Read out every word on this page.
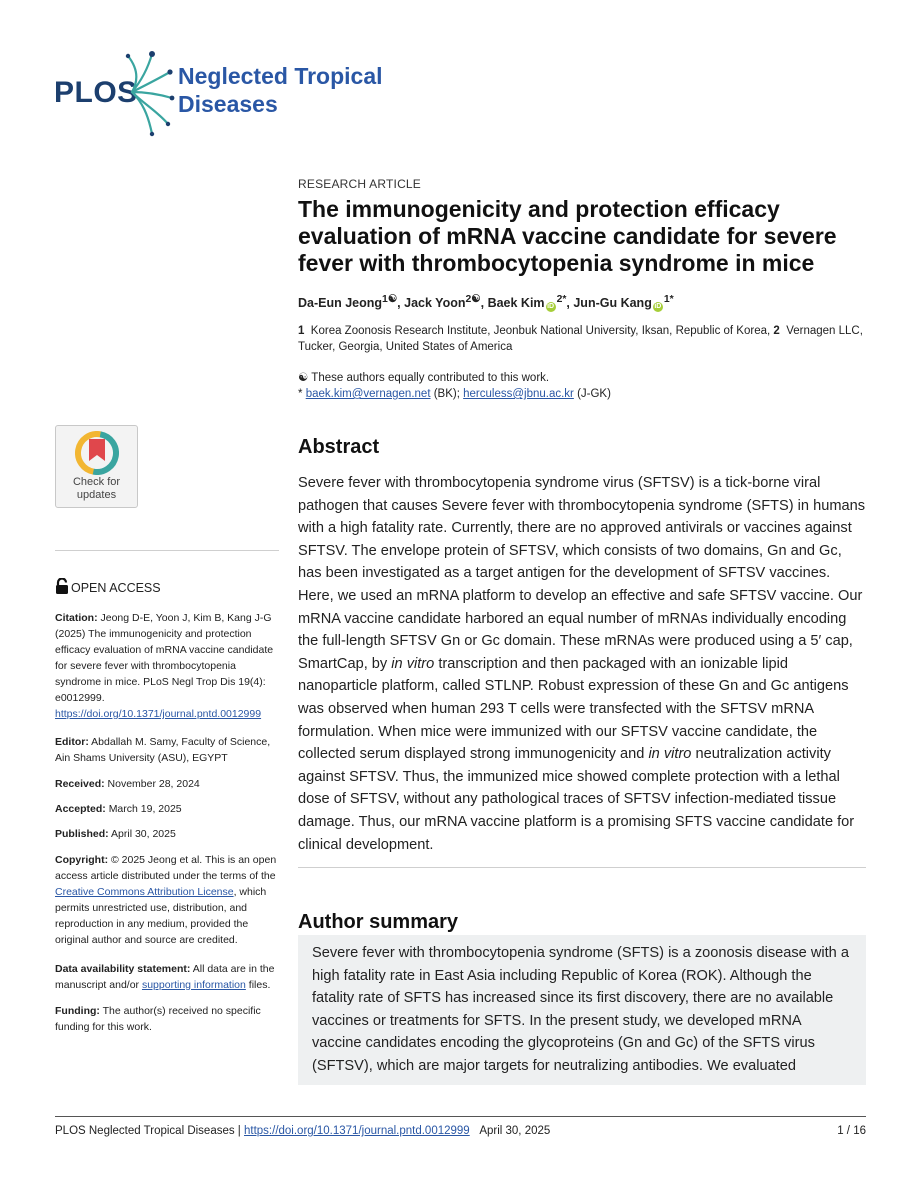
PLOS Neglected Tropical
Diseases
RESEARCH ARTICLE
The immunogenicity and protection efficacy evaluation of mRNA vaccine candidate for severe fever with thrombocytopenia syndrome in mice
Da-Eun Jeong$^{1☯}$, Jack Yoon$^{2☯}$, Baek Kim $iD^{2*}$, Jun-Gu Kang $iD^{1*}$
1 Korea Zoonosis Research Institute, Jeonbuk National University, Iksan, Republic of Korea, 2 Vernagen LLC, Tucker, Georgia, United States of America
☯ These authors equally contributed to this work.
* baek.kim@vernagen.net (BK); herculess@jbnu.ac.kr (J-GK)
Abstract

Severe fever with thrombocytopenia syndrome virus (SFTSV) is a tick-borne viral pathogen that causes Severe fever with thrombocytopenia syndrome (SFTS) in humans with a high fatality rate. Currently, there are no approved antivirals or vaccines against SFTSV. The envelope protein of SFTSV, which consists of two domains, Gn and Gc, has been investigated as a target antigen for the development of SFTSV vaccines. Here, we used an mRNA platform to develop an effective and safe SFTSV vaccine. Our mRNA vaccine candidate harbored an equal number of mRNAs individually encoding the full-length SFTSV Gn or Gc domain. These mRNAs were produced using a 5′ cap, SmartCap, by in vitro transcription and then packaged with an ionizable lipid nanoparticle platform, called STLNP. Robust expression of these Gn and Gc antigens was observed when human 293 T cells were transfected with the SFTSV mRNA formulation. When mice were immunized with our SFTSV vaccine candidate, the collected serum displayed strong immunogenicity and in vitro neutralization activity against SFTSV. Thus, the immunized mice showed complete protection with a lethal dose of SFTSV, without any pathological traces of SFTSV infection-mediated tissue damage. Thus, our mRNA vaccine platform is a promising SFTS vaccine candidate for clinical development.

Author summary

Severe fever with thrombocytopenia syndrome (SFTS) is a zoonosis disease with a high fatality rate in East Asia including Republic of Korea (ROK). Although the fatality rate of SFTS has increased since its first discovery, there are no available vaccines or treatments for SFTS. In the present study, we developed mRNA vaccine candidates encoding the glycoproteins (Gn and Gc) of the SFTS virus (SFTSV), which are major targets for neutralizing antibodies. We evaluated

Check for
updates
OPEN ACCESS
Citation: Jeong D-E, Yoon J, Kim B, Kang J-G (2025) The immunogenicity and protection efficacy evaluation of mRNA vaccine candidate for severe fever with thrombocytopenia syndrome in mice. PLoS Negl Trop Dis 19(4): e0012999. https://doi.org/10.1371/journal.pntd.0012999
Editor: Abdallah M. Samy, Faculty of Science, Ain Shams University (ASU), EGYPT
Received: November 28, 2024
Accepted: March 19, 2025
Published: April 30, 2025
Copyright: © 2025 Jeong et al. This is an open access article distributed under the terms of the Creative Commons Attribution License, which permits unrestricted use, distribution, and reproduction in any medium, provided the original author and source are credited.
Data availability statement: All data are in the manuscript and/or supporting information files.
Funding: The author(s) received no specific funding for this work.
PLOS Neglected Tropical Diseases | https://doi.org/10.1371/journal.pntd.0012999 April 30, 2025	1 / 16
